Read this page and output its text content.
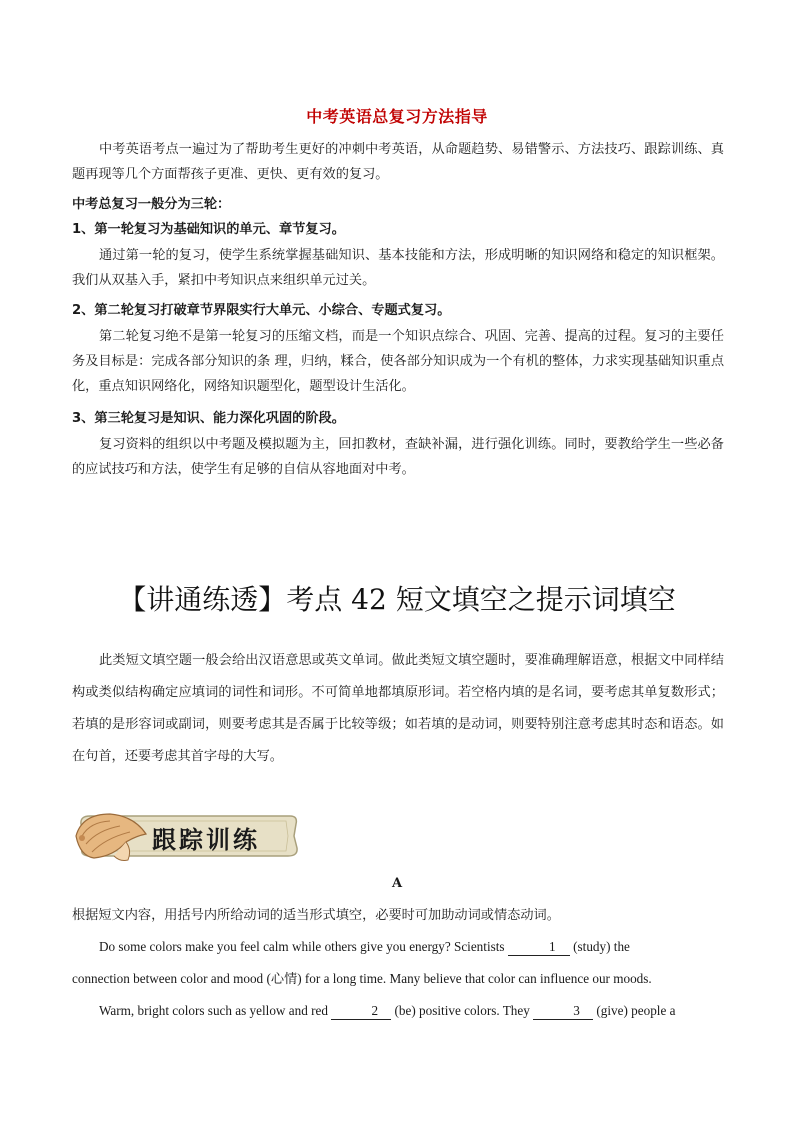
中考英语总复习方法指导

中考英语考点一遍过为了帮助考生更好的冲刺中考英语，从命题趋势、易错警示、方法技巧、跟踪训练、真题再现等几个方面帮孩子更准、更快、更有效的复习。

中考总复习一般分为三轮：
1、第一轮复习为基础知识的单元、章节复习。

通过第一轮的复习，使学生系统掌握基础知识、基本技能和方法，形成明晰的知识网络和稳定的知识框架。我们从双基入手，紧扣中考知识点来组织单元过关。

2、第二轮复习打破章节界限实行大单元、小综合、专题式复习。

第二轮复习绝不是第一轮复习的压缩文档，而是一个知识点综合、巩固、完善、提高的过程。复习的主要任务及目标是：完成各部分知识的条 理，归纳，糅合，使各部分知识成为一个有机的整体，力求实现基础知识重点化，重点知识网络化，网络知识题型化，题型设计生活化。

3、第三轮复习是知识、能力深化巩固的阶段。

复习资料的组织以中考题及模拟题为主，回扣教材，查缺补漏，进行强化训练。同时，要教给学生一些必备的应试技巧和方法，使学生有足够的自信从容地面对中考。

【讲通练透】考点 42 短文填空之提示词填空

此类短文填空题一般会给出汉语意思或英文单词。做此类短文填空题时，要准确理解语意，根据文中同样结构或类似结构确定应填词的词性和词形。不可简单地都填原形词。若空格内填的是名词，要考虑其单复数形式；若填的是形容词或副词，则要考虑其是否属于比较等级；如若填的是动词，则要特别注意考虑其时态和语态。如在句首，还要考虑其首字母的大写。

跟踪训练
A
根据短文内容，用括号内所给动词的适当形式填空，必要时可加助动词或情态动词。
Do some colors make you feel calm while others give you energy? Scientists	1 (study) the
connection between color and mood (心情) for a long time. Many believe that color can influence our moods.
Warm, bright colors such as yellow and red	2 (be) positive colors. They	3 (give) people a
